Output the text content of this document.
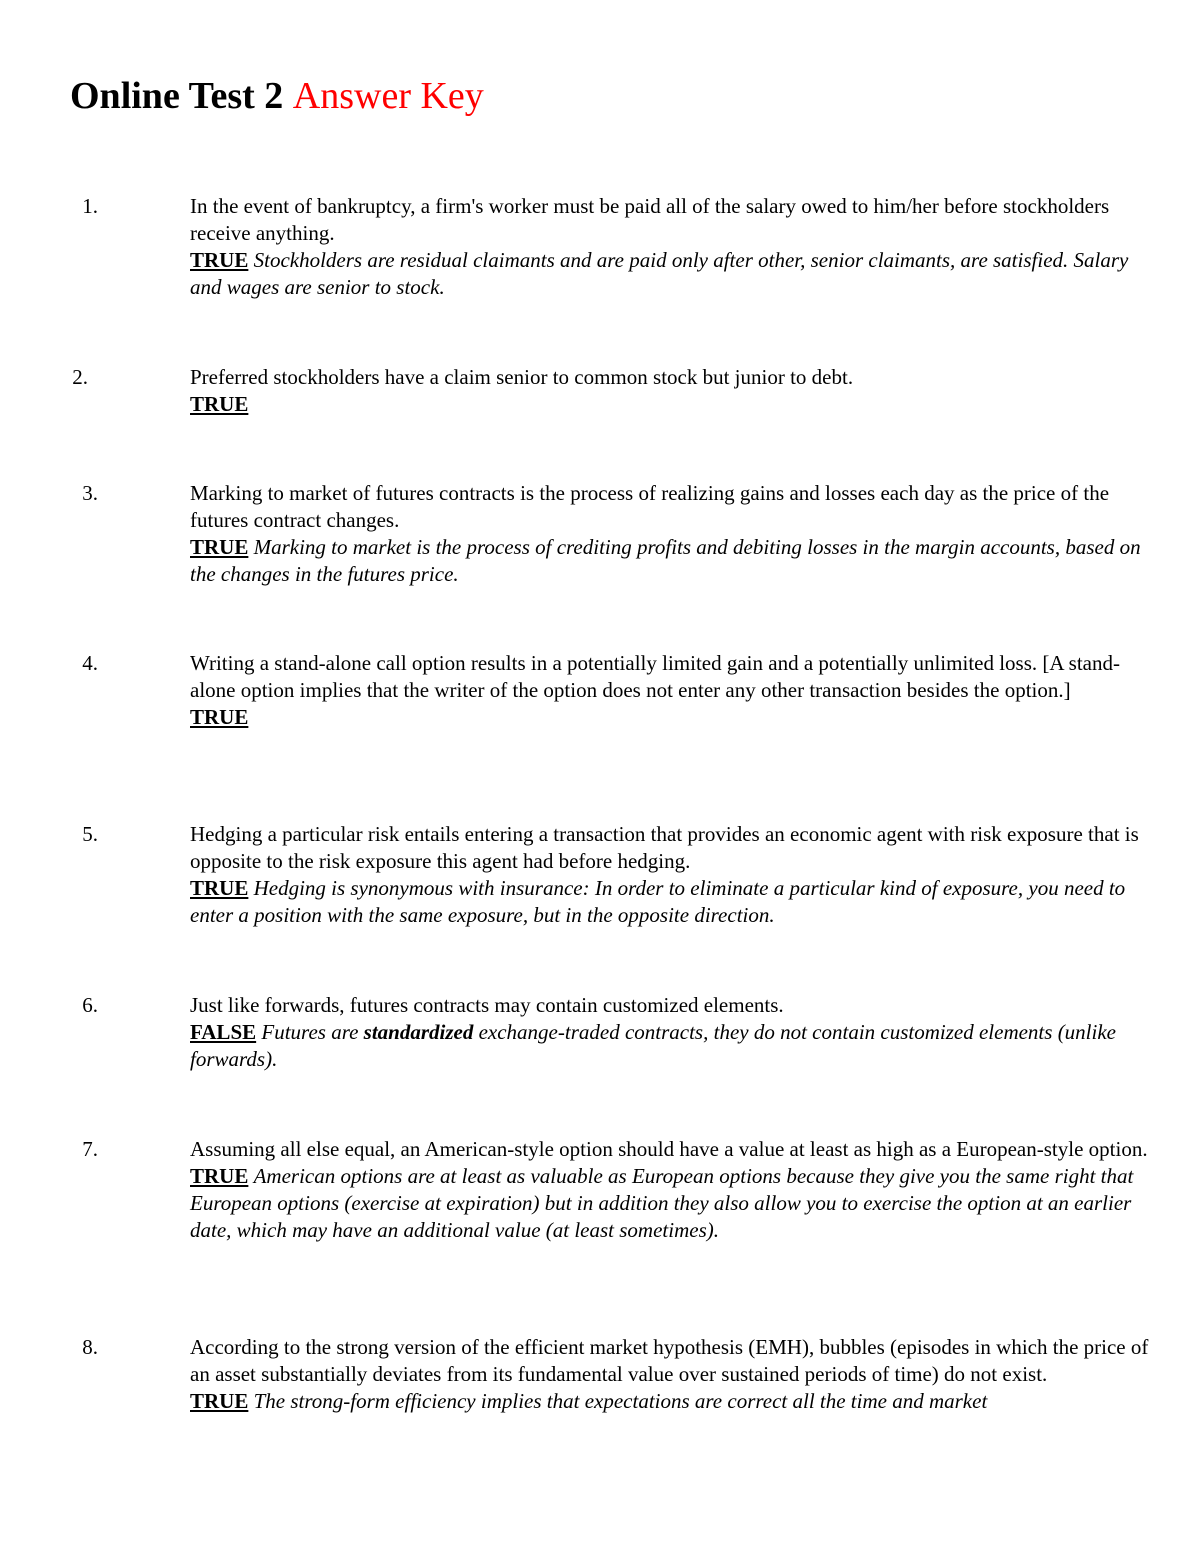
Online Test 2 Answer Key
1.	In the event of bankruptcy, a firm's worker must be paid all of the salary owed to him/her before stockholders receive anything.
TRUE Stockholders are residual claimants and are paid only after other, senior claimants, are satisfied. Salary and wages are senior to stock.
2.	Preferred stockholders have a claim senior to common stock but junior to debt.
TRUE
3.	Marking to market of futures contracts is the process of realizing gains and losses each day as the price of the futures contract changes.
TRUE Marking to market is the process of crediting profits and debiting losses in the margin accounts, based on the changes in the futures price.
4.	Writing a stand-alone call option results in a potentially limited gain and a potentially unlimited loss. [A stand-alone option implies that the writer of the option does not enter any other transaction besides the option.]
TRUE
5.	Hedging a particular risk entails entering a transaction that provides an economic agent with risk exposure that is opposite to the risk exposure this agent had before hedging.
TRUE Hedging is synonymous with insurance: In order to eliminate a particular kind of exposure, you need to enter a position with the same exposure, but in the opposite direction.
6.	Just like forwards, futures contracts may contain customized elements.
FALSE Futures are standardized exchange-traded contracts, they do not contain customized elements (unlike forwards).
7.	Assuming all else equal, an American-style option should have a value at least as high as a European-style option.
TRUE American options are at least as valuable as European options because they give you the same right that European options (exercise at expiration) but in addition they also allow you to exercise the option at an earlier date, which may have an additional value (at least sometimes).
8.	According to the strong version of the efficient market hypothesis (EMH), bubbles (episodes in which the price of an asset substantially deviates from its fundamental value over sustained periods of time) do not exist.
TRUE The strong-form efficiency implies that expectations are correct all the time and market
